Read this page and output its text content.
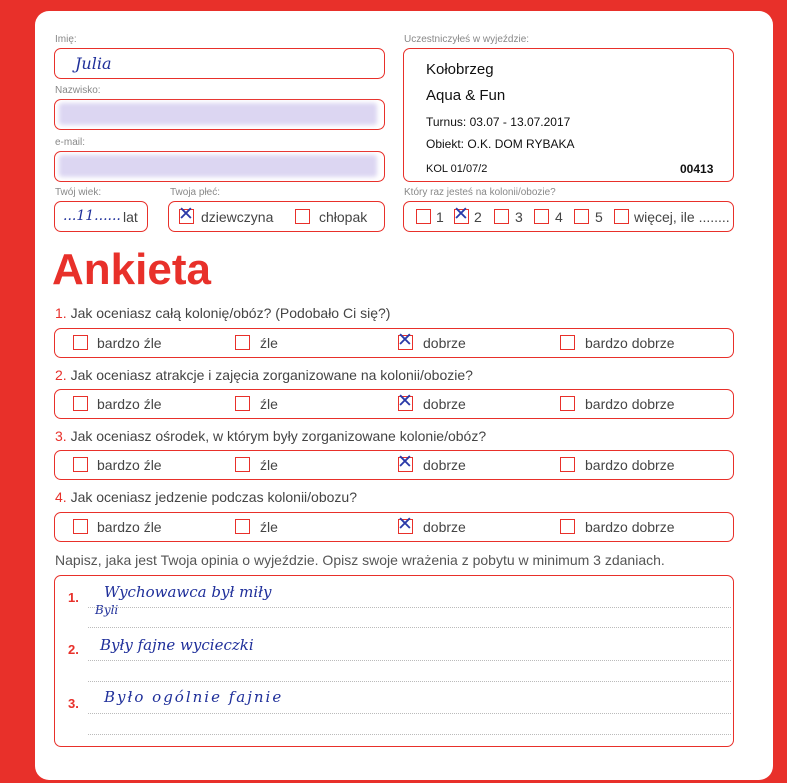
Imię:
Julia
Nazwisko:
e-mail:
Uczestniczyłeś w wyjeździe:
Kołobrzeg
Aqua & Fun
Turnus: 03.07 - 13.07.2017
Obiekt: O.K. DOM RYBAKA
KOL 01/07/2	00413
Twój wiek:
...11...... lat
Twoja płeć:
✕
dziewczyna	chłopak
Który raz jesteś na kolonii/obozie?
1 ✕ 2 3 4 5 więcej, ile ........
Ankieta
1. Jak oceniasz całą kolonię/obóz? (Podobało Ci się?)
bardzo źle	źle ✕	dobrze	bardzo dobrze
2. Jak oceniasz atrakcje i zajęcia zorganizowane na kolonii/obozie?
bardzo źle	źle ✕	dobrze	bardzo dobrze
3. Jak oceniasz ośrodek, w którym były zorganizowane kolonie/obóz?
bardzo źle	źle ✕	dobrze	bardzo dobrze
4. Jak oceniasz jedzenie podczas kolonii/obozu?
bardzo źle	źle ✕	dobrze	bardzo dobrze
Napisz, jaka jest Twoja opinia o wyjeździe. Opisz swoje wrażenia z pobytu w minimum 3 zdaniach.
1. Wychowawca był miły
Byli
2. Były fajne wycieczki
3. Było ogólnie fajnie
